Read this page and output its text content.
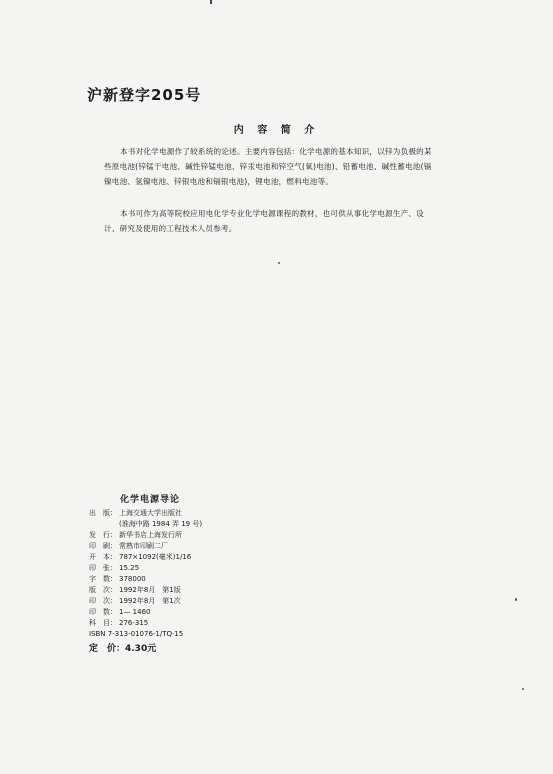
沪新登字205号
内 容 简 介
本书对化学电源作了较系统的论述。主要内容包括：化学电源的基本知识，以锌为负极的某些原电池(锌锰干电池、碱性锌锰电池、锌汞电池和锌空气(氧)电池)、铅蓄电池、碱性蓄电池(镉镍电池、氢镍电池、锌银电池和镉银电池)，锂电池，燃料电池等。
本书可作为高等院校应用电化学专业化学电源课程的教材，也可供从事化学电源生产、设计、研究及使用的工程技术人员参考。
化学电源导论
出　版： 上海交通大学出版社
(淮海中路 1984 弄 19 号)
发　行： 新华书店上海发行所
印　刷： 常熟市印刷二厂
开　本： 787×1092(毫米)1/16
印　张： 15.25
字　数： 378000
版　次： 1992年8月　第1版
印　次： 1992年8月　第1次
印　数： 1— 1460
科　目： 276-315
ISBN 7-313-01076-1/TQ·15
定　价：4.30元
